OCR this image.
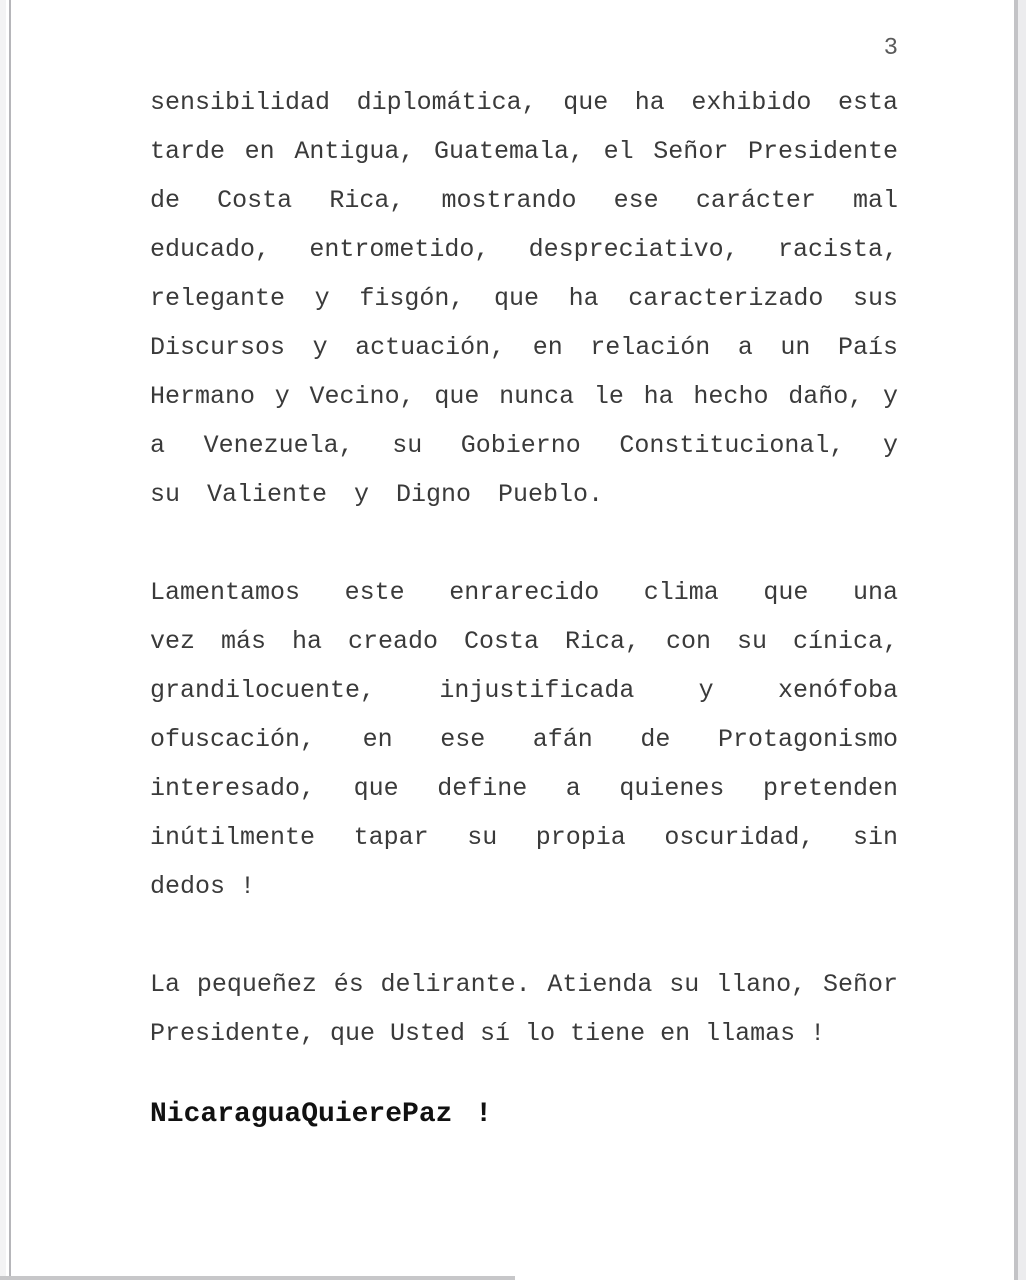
3
sensibilidad diplomática, que ha exhibido esta
tarde en Antigua, Guatemala, el Señor Presidente
de Costa Rica, mostrando ese carácter mal
educado, entrometido, despreciativo, racista,
relegante y fisgón, que ha caracterizado sus
Discursos y actuación, en relación a un País
Hermano y Vecino, que nunca le ha hecho daño, y
a Venezuela, su Gobierno Constitucional, y
su Valiente y Digno Pueblo.
Lamentamos este enrarecido clima que una
vez más ha creado Costa Rica, con su cínica,
grandilocuente, injustificada y xenófoba
ofuscación, en ese afán de Protagonismo
interesado, que define a quienes pretenden
inútilmente tapar su propia oscuridad, sin
dedos !
La pequeñez és delirante. Atienda su llano, Señor
Presidente, que Usted sí lo tiene en llamas !
NicaraguaQuierePaz !
